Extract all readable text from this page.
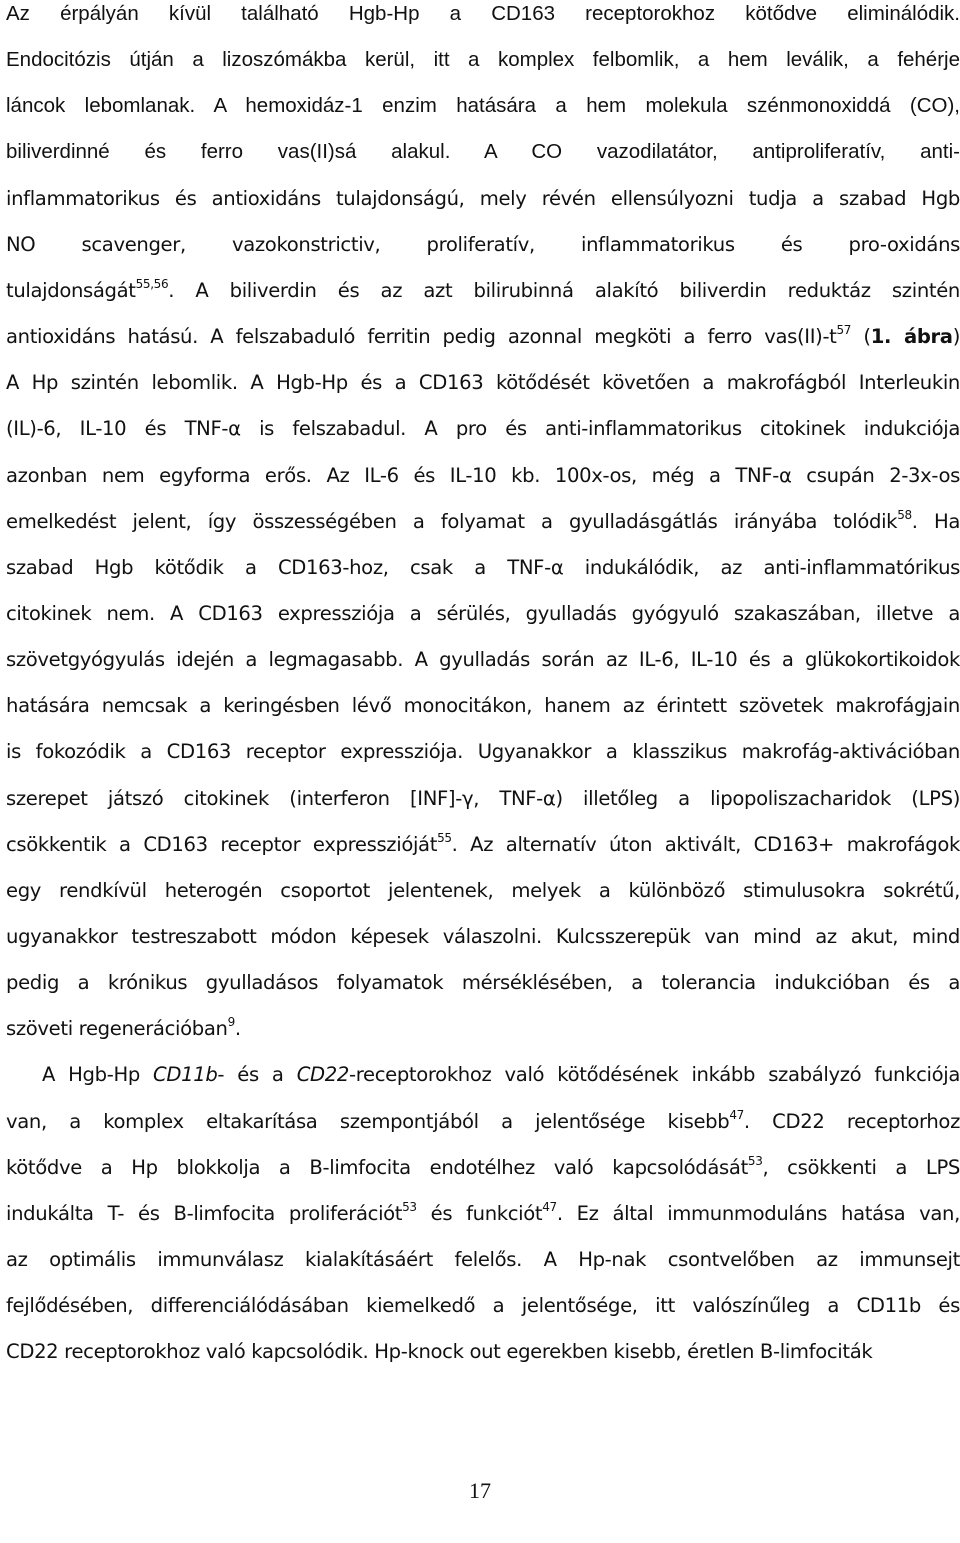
Az érpályán kívül található Hgb-Hp a CD163 receptorokhoz kötődve eliminálódik.
Endocitózis útján a lizoszómákba kerül, itt a komplex felbomlik, a hem leválik, a fehérje
láncok lebomlanak. A hemoxidáz-1 enzim hatására a hem molekula szénmonoxiddá (CO),
biliverdinné és ferro vas(II)sá alakul. A CO vazodilatátor, antiproliferatív, anti-
inflammatorikus és antioxidáns tulajdonságú, mely révén ellensúlyozni tudja a szabad Hgb
NO scavenger, vazokonstrictiv, proliferatív, inflammatorikus és pro-oxidáns
tulajdonságát$^{55,56}$. A biliverdin és az azt bilirubinná alakító biliverdin reduktáz szintén
antioxidáns hatású. A felszabaduló ferritin pedig azonnal megköti a ferro $vas(II)-t^{57}$ (1. ábra)
A Hp szintén lebomlik. A Hgb-Hp és a CD163 kötődését követően a makrofágból Interleukin
(IL)-6, IL-10 és TNF-α is felszabadul. A pro és anti-inflammatorikus citokinek indukciója
azonban nem egyforma erős. Az IL-6 és IL-10 kb. 100x-os, még a TNF-α csupán 2-3x-os
emelkedést jelent, így összességében a folyamat a gyulladásgátlás irányába tolódik$^{58}$. Ha
szabad Hgb kötődik a CD163-hoz, csak a TNF-α indukálódik, az anti-inflammatórikus
citokinek nem. A CD163 expressziója a sérülés, gyulladás gyógyuló szakaszában, illetve a
szövetgyógyulás idején a legmagasabb. A gyulladás során az IL-6, IL-10 és a glükokortikoidok
hatására nemcsak a keringésben lévő monocitákon, hanem az érintett szövetek makrofágjain
is fokozódik a CD163 receptor expressziója. Ugyanakkor a klasszikus makrofág-aktivációban
szerepet játszó citokinek (interferon [INF]-γ, TNF-α) illetőleg a lipopoliszacharidok (LPS)
csökkentik a CD163 receptor expresszióját$^{55}$. Az alternatív úton aktivált, CD163+ makrofágok
egy rendkívül heterogén csoportot jelentenek, melyek a különböző stimulusokra sokrétű,
ugyanakkor testreszabott módon képesek válaszolni. Kulcsszerepük van mind az akut, mind
pedig a krónikus gyulladásos folyamatok mérséklésében, a tolerancia indukcióban és a
szöveti regenerációban$^9$.
A Hgb-Hp CD11b- és a CD22-receptorokhoz való kötődésének inkább szabályzó funkciója
van, a komplex eltakarítása szempontjából a jelentősége kisebb$^{47}$. CD22 receptorhoz
kötődve a Hp blokkolja a B-limfocita endotélhez való kapcsolódását$^{53}$, csökkenti a LPS
indukálta T- és B-limfocita proliferációt$^{53}$ és funkciót$^{47}$. Ez által immunmoduláns hatása van,
az optimális immunválasz kialakításáért felelős. A Hp-nak csontvelőben az immunsejt
fejlődésében, differenciálódásában kiemelkedő a jelentősége, itt valószínűleg a CD11b és
CD22 receptorokhoz való kapcsolódik. Hp-knock out egerekben kisebb, éretlen B-limfociták
17
